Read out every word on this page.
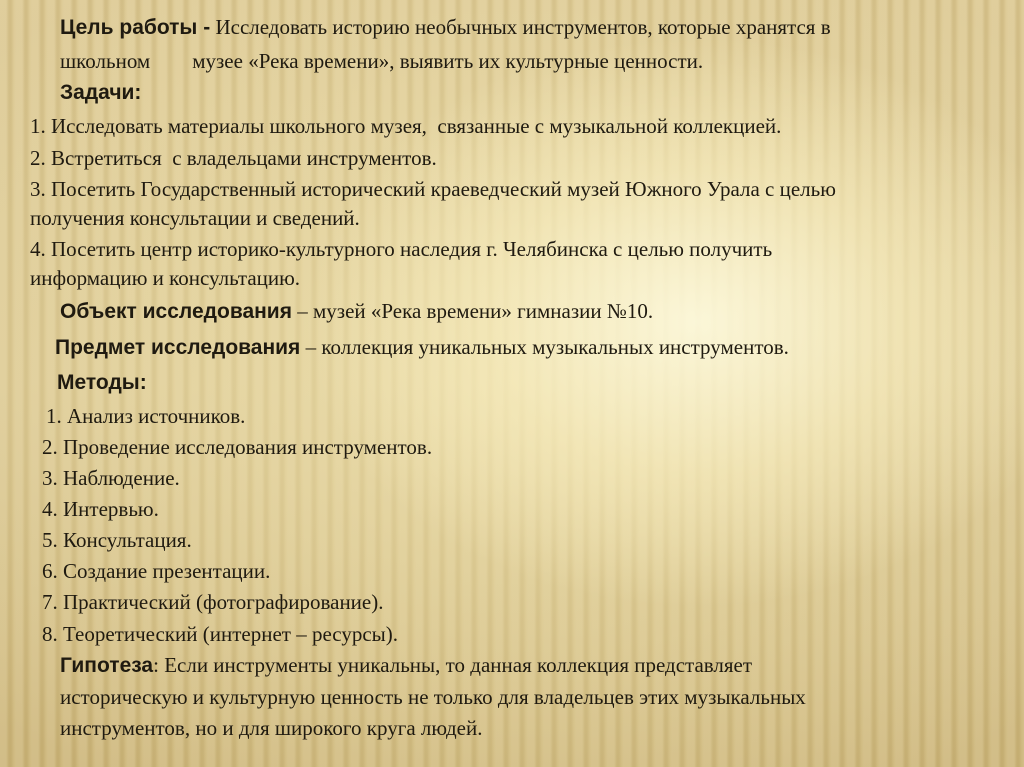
Цель работы - Исследовать историю необычных инструментов, которые хранятся в
школьном        музее «Река времени», выявить их культурные ценности.
Задачи:
1. Исследовать материалы школьного музея,  связанные с музыкальной коллекцией.
2. Встретиться  с владельцами инструментов.
3. Посетить Государственный исторический краеведческий музей Южного Урала с целью
получения консультации и сведений.
4. Посетить центр историко-культурного наследия г. Челябинска с целью получить
информацию и консультацию.
Объект исследования – музей «Река времени» гимназии №10.
Предмет исследования – коллекция уникальных музыкальных инструментов.
Методы:
1. Анализ источников.
2. Проведение исследования инструментов.
3. Наблюдение.
4. Интервью.
5. Консультация.
6. Создание презентации.
7. Практический (фотографирование).
8. Теоретический (интернет – ресурсы).
Гипотеза: Если инструменты уникальны, то данная коллекция представляет
историческую и культурную ценность не только для владельцев этих музыкальных
инструментов, но и для широкого круга людей.
